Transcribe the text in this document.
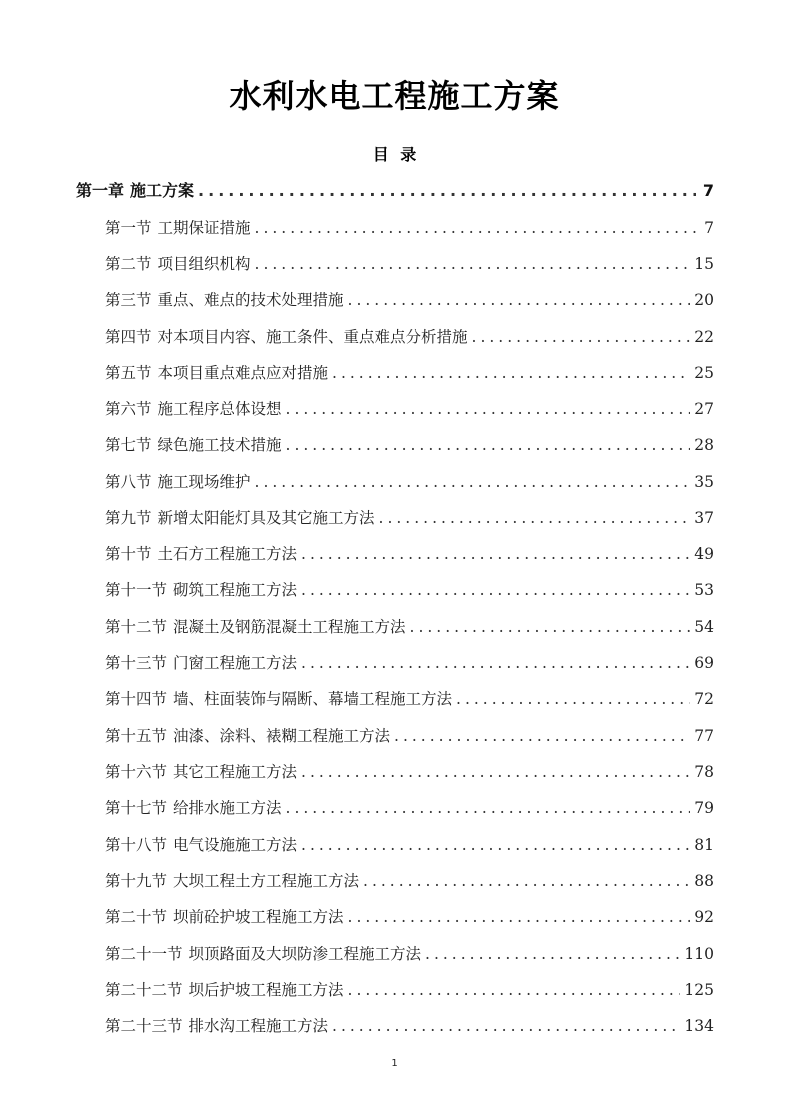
水利水电工程施工方案
目 录
第一章 施工方案 .....	7
第一节 工期保证措施 .....	7
第二节 项目组织机构 .....	15
第三节 重点、难点的技术处理措施 .....	20
第四节 对本项目内容、施工条件、重点难点分析措施 .....	22
第五节 本项目重点难点应对措施 .....	25
第六节 施工程序总体设想 .....	27
第七节 绿色施工技术措施 .....	28
第八节 施工现场维护 .....	35
第九节 新增太阳能灯具及其它施工方法 .....	37
第十节 土石方工程施工方法 .....	49
第十一节 砌筑工程施工方法 .....	53
第十二节 混凝土及钢筋混凝土工程施工方法 .....	54
第十三节 门窗工程施工方法 .....	69
第十四节 墙、柱面装饰与隔断、幕墙工程施工方法 .....	72
第十五节 油漆、涂料、裱糊工程施工方法 .....	77
第十六节 其它工程施工方法 .....	78
第十七节 给排水施工方法 .....	79
第十八节 电气设施施工方法 .....	81
第十九节 大坝工程土方工程施工方法 .....	88
第二十节 坝前砼护坡工程施工方法 .....	92
第二十一节 坝顶路面及大坝防渗工程施工方法 .....	110
第二十二节 坝后护坡工程施工方法 .....	125
第二十三节 排水沟工程施工方法 .....	134
1
